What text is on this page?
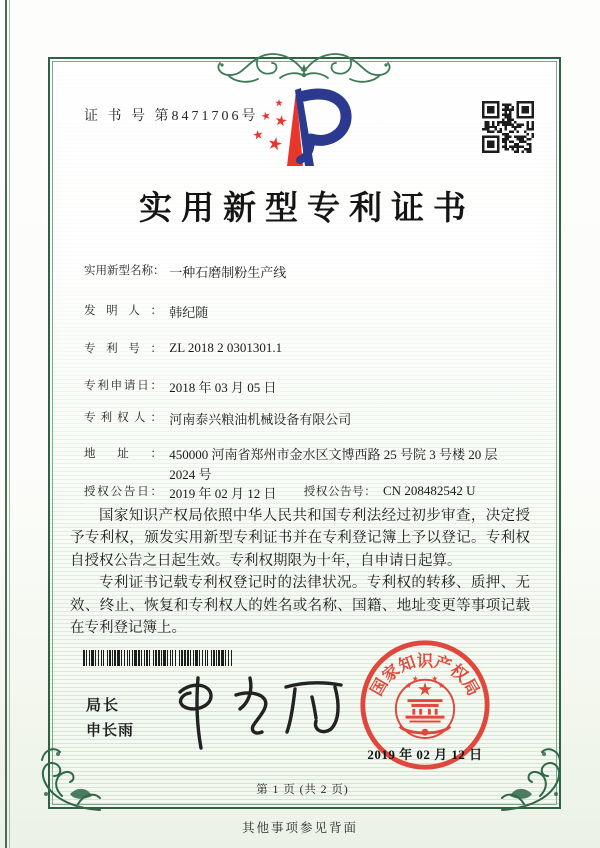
证 书 号 第8471706号
实用新型专利证书
实用新型名称： 一种石磨制粉生产线
发明人： 韩纪随
专利号： ZL 2018 2 0301301.1
专利申请日： 2018 年 03 月 05 日
专利权人： 河南泰兴粮油机械设备有限公司
地址： 450000 河南省郑州市金水区文博西路 25 号院 3 号楼 20 层 2024 号
授权公告日： 2019 年 02 月 12 日 授权公告号： CN 208482542 U

国家知识产权局依照中华人民共和国专利法经过初步审查，决定授予专利权，颁发实用新型专利证书并在专利登记簿上予以登记。专利权自授权公告之日起生效。专利权期限为十年，自申请日起算。

专利证书记载专利权登记时的法律状况。专利权的转移、质押、无效、终止、恢复和专利权人的姓名或名称、国籍、地址变更等事项记载在专利登记簿上。

局长
申长雨
国家知识产权局
2019 年 02 月 12 日
第 1 页 (共 2 页)
其他事项参见背面
